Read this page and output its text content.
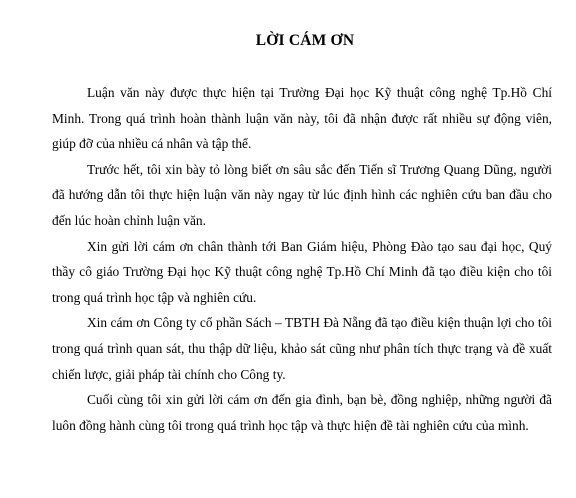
LỜI CÁM ƠN

Luận văn này được thực hiện tại Trường Đại học Kỹ thuật công nghệ Tp.Hồ Chí Minh. Trong quá trình hoàn thành luận văn này, tôi đã nhận được rất nhiều sự động viên, giúp đỡ của nhiều cá nhân và tập thể.

Trước hết, tôi xin bày tỏ lòng biết ơn sâu sắc đến Tiến sĩ Trương Quang Dũng, người đã hướng dẫn tôi thực hiện luận văn này ngay từ lúc định hình các nghiên cứu ban đầu cho đến lúc hoàn chỉnh luận văn.

Xin gửi lời cám ơn chân thành tới Ban Giám hiệu, Phòng Đào tạo sau đại học, Quý thầy cô giáo Trường Đại học Kỹ thuật công nghệ Tp.Hồ Chí Minh đã tạo điều kiện cho tôi trong quá trình học tập và nghiên cứu.

Xin cám ơn Công ty cổ phần Sách – TBTH Đà Nẵng đã tạo điều kiện thuận lợi cho tôi trong quá trình quan sát, thu thập dữ liệu, khảo sát cũng như phân tích thực trạng và đề xuất chiến lược, giải pháp tài chính cho Công ty.

Cuối cùng tôi xin gửi lời cám ơn đến gia đình, bạn bè, đồng nghiệp, những người đã luôn đồng hành cùng tôi trong quá trình học tập và thực hiện đề tài nghiên cứu của mình.
